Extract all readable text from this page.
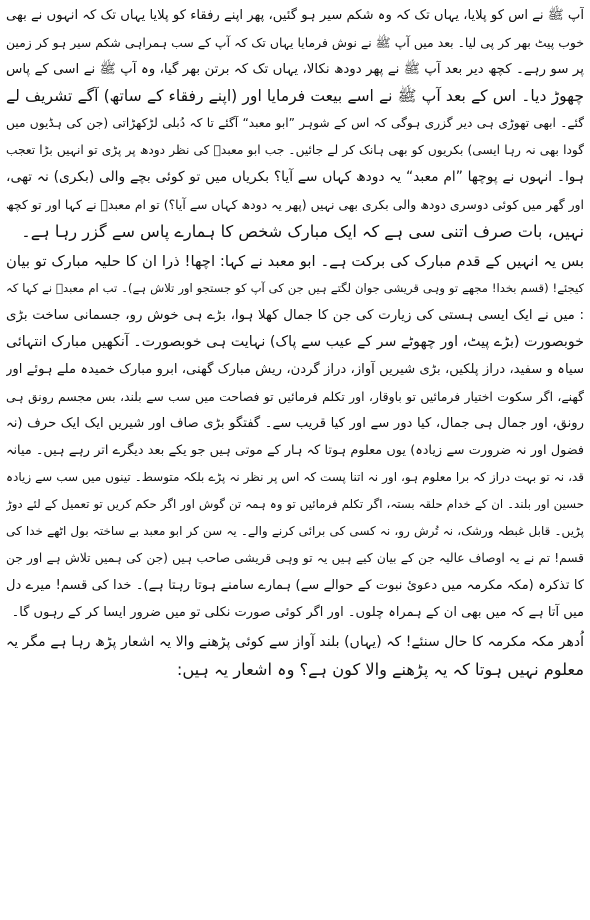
آپ ﷺ نے اس کو پلایا، یہاں تک کہ وہ شکم سیر ہو گئیں، پھر اپنے رفقاء کو پلایا یہاں تک کہ انہوں نے بھی
خوب پیٹ بھر کر پی لیا۔ بعد میں آپ ﷺ نے نوش فرمایا یہاں تک کہ آپ کے سب ہمراہی شکم سیر ہو کر زمین
پر سو رہے۔ کچھ دیر بعد آپ ﷺ نے پھر دودھ نکالا، یہاں تک کہ برتن بھر گیا، وہ آپ ﷺ نے اسی کے پاس
چھوڑ دیا۔ اس کے بعد آپ ﷺ نے اسے بیعت فرمایا اور (اپنے رفقاء کے ساتھ) آگے تشریف لے
گئے۔ ابھی تھوڑی ہی دیر گزری ہوگی کہ اس کے شوہر ”ابو معبد“ آگئے تا کہ دُبلی لڑکھڑاتی (جن کی ہڈیوں میں
گودا بھی نہ رہا ایسی) بکریوں کو بھی ہانک کر لے جائیں۔ جب ابو معبدؓ کی نظر دودھ پر پڑی تو انہیں بڑا تعجب
ہوا۔ انہوں نے پوچھا ”ام معبد“ یہ دودھ کہاں سے آیا؟ بکریاں میں تو کوئی بچے والی (بکری) نہ تھی،
اور گھر میں کوئی دوسری دودھ والی بکری بھی نہیں (پھر یہ دودھ کہاں سے آیا؟) تو ام معبدؓ نے کہا اور تو کچھ
نہیں، بات صرف اتنی سی ہے کہ ایک مبارک شخص کا ہمارے پاس سے گزر رہا ہے۔
بس یہ انہیں کے قدم مبارک کی برکت ہے۔ ابو معبد نے کہا: اچھا! ذرا ان کا حلیہ مبارک تو بیان
کیجئے! (قسم بخدا! مجھے تو وہی قریشی جوان لگتے ہیں جن کی آپ کو جستجو اور تلاش ہے)۔ تب ام معبدؓ نے کہا کہ
: میں نے ایک ایسی ہستی کی زیارت کی جن کا جمال کھلا ہوا، بڑے ہی خوش رو، جسمانی ساخت بڑی
خوبصورت (بڑے پیٹ، اور چھوٹے سر کے عیب سے پاک) نہایت ہی خوبصورت۔ آنکھیں مبارک انتہائی
سیاہ و سفید، دراز پلکیں، بڑی شیریں آواز، دراز گردن، ریش مبارک گھنی، ابرو مبارک خمیدہ ملے ہوئے اور
گھنے، اگر سکوت اختیار فرمائیں تو باوقار، اور تکلم فرمائیں تو فصاحت میں سب سے بلند، بس مجسم رونق ہی
رونق، اور جمال ہی جمال، کیا دور سے اور کیا قریب سے۔ گفتگو بڑی صاف اور شیریں ایک ایک حرف (نہ
فضول اور نہ ضرورت سے زیادہ) یوں معلوم ہوتا کہ ہار کے موتی ہیں جو یکے بعد دیگرے اتر رہے ہیں۔ میانہ
قد، نہ تو بہت دراز کہ برا معلوم ہو، اور نہ اتنا پست کہ اس پر نظر نہ پڑے بلکہ متوسط۔ تینوں میں سب سے زیادہ
حسین اور بلند۔ ان کے خدام حلقہ بستہ، اگر تکلم فرمائیں تو وہ ہمہ تن گوش اور اگر حکم کریں تو تعمیل کے لئے دوڑ
پڑیں۔ قابل غبطہ ورشک، نہ تُرش رو، نہ کسی کی برائی کرنے والے۔ یہ سن کر ابو معبد بے ساختہ بول اٹھے خدا کی
قسم! تم نے یہ اوصاف عالیہ جن کے بیان کیے ہیں یہ تو وہی قریشی صاحب ہیں (جن کی ہمیں تلاش ہے اور جن
کا تذکرہ (مکہ مکرمہ میں دعوئ نبوت کے حوالے سے) ہمارے سامنے ہوتا رہتا ہے)۔ خدا کی قسم! میرے دل
میں آتا ہے کہ میں بھی ان کے ہمراہ چلوں۔ اور اگر کوئی صورت نکلی تو میں ضرور ایسا کر کے رہوں گا۔
اُدھر مکہ مکرمہ کا حال سنئے! کہ (یہاں) بلند آواز سے کوئی پڑھنے والا یہ اشعار پڑھ رہا ہے مگر یہ
معلوم نہیں ہوتا کہ یہ پڑھنے والا کون ہے؟ وہ اشعار یہ ہیں:
